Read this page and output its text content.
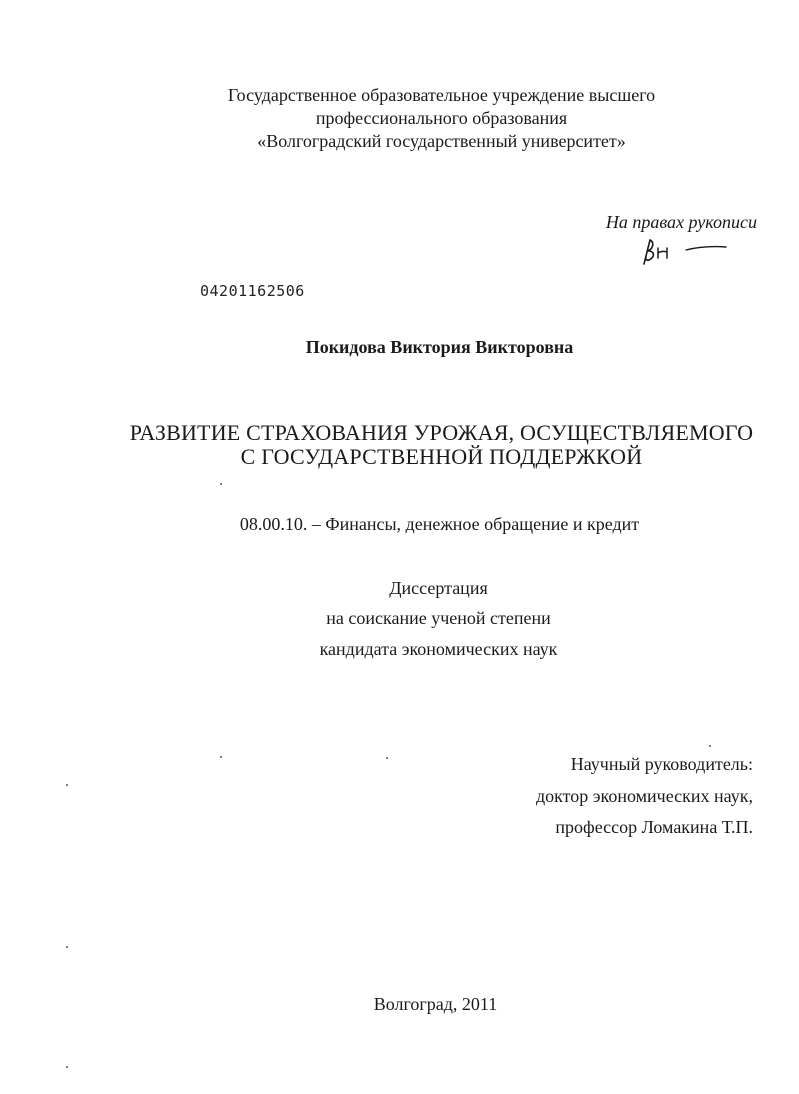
Государственное образовательное учреждение высшего
профессионального образования
«Волгоградский государственный университет»
На правах рукописи
04201162506
Покидова Виктория Викторовна
РАЗВИТИЕ СТРАХОВАНИЯ УРОЖАЯ, ОСУЩЕСТВЛЯЕМОГО
С ГОСУДАРСТВЕННОЙ ПОДДЕРЖКОЙ
08.00.10. – Финансы, денежное обращение и кредит
Диссертация
на соискание ученой степени
кандидата экономических наук
Научный руководитель:
доктор экономических наук,
профессор Ломакина Т.П.
Волгоград, 2011
